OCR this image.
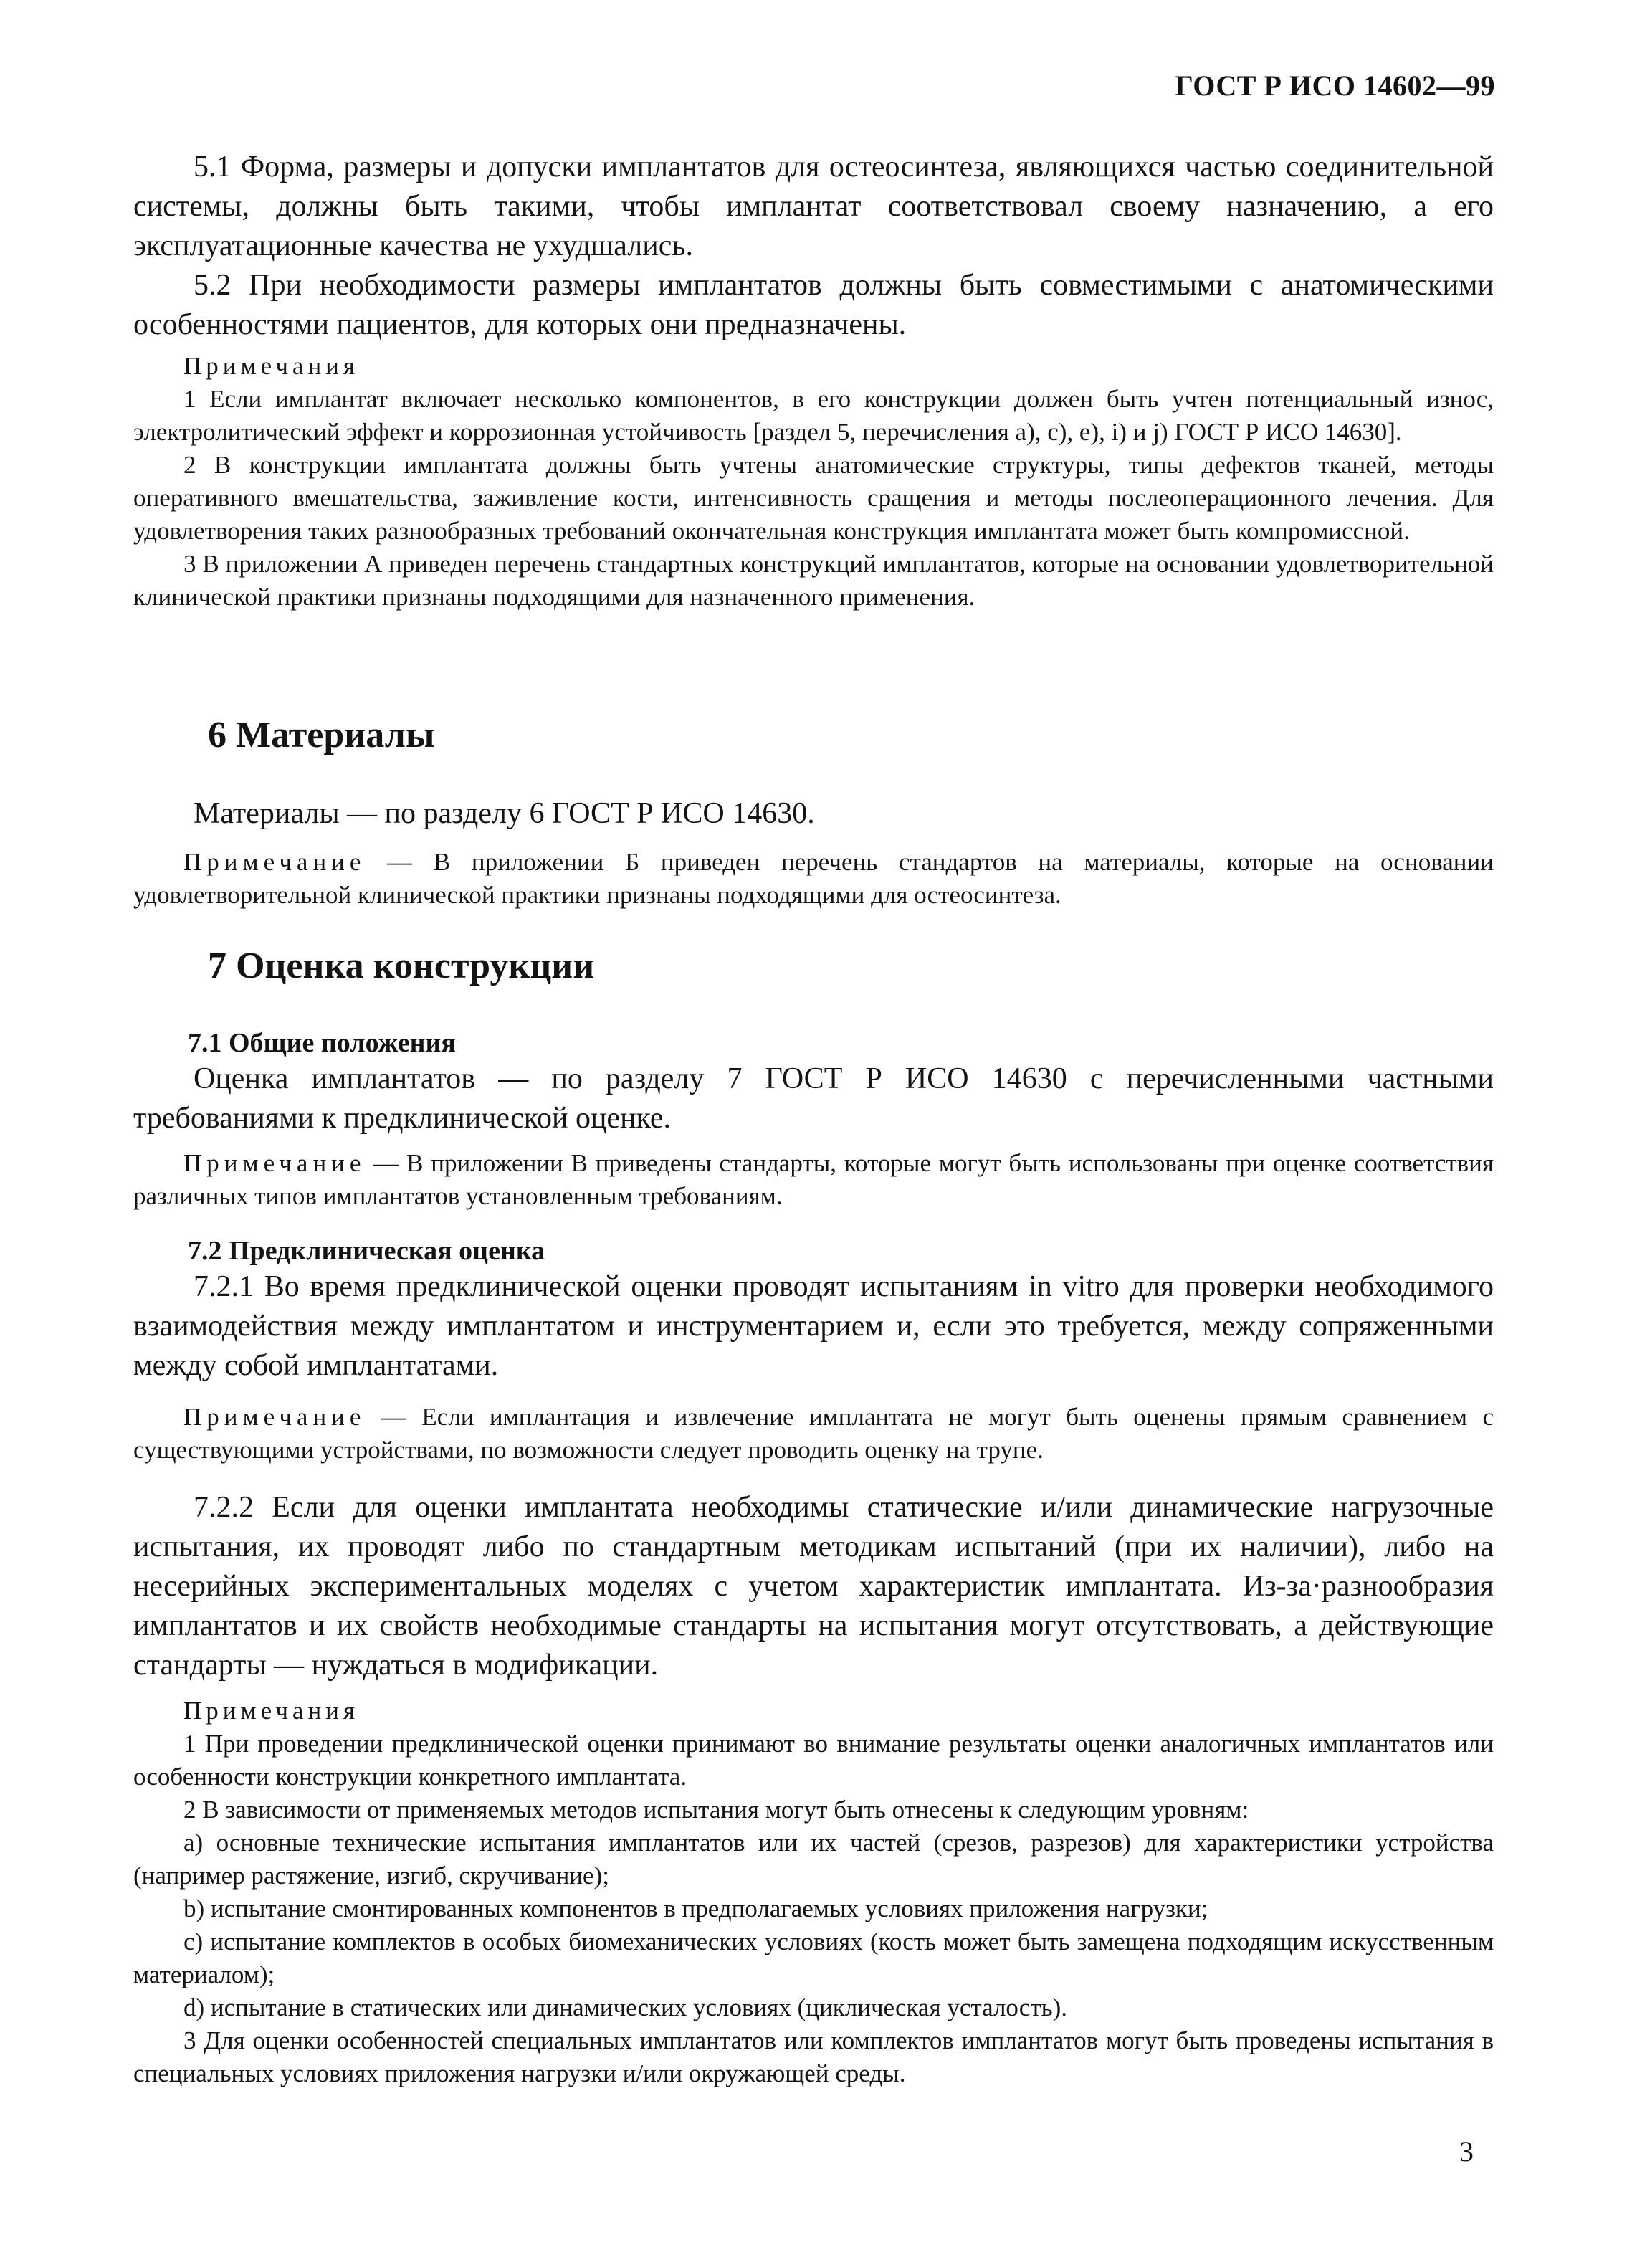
ГОСТ Р ИСО 14602—99

5.1 Форма, размеры и допуски имплантатов для остеосинтеза, являющихся частью соединительной системы, должны быть такими, чтобы имплантат соответствовал своему назначению, а его эксплуатационные качества не ухудшались.

5.2 При необходимости размеры имплантатов должны быть совместимыми с анатомическими особенностями пациентов, для которых они предназначены.

Примечания

1 Если имплантат включает несколько компонентов, в его конструкции должен быть учтен потенциальный износ, электролитический эффект и коррозионная устойчивость [раздел 5, перечисления a), c), e), i) и j) ГОСТ Р ИСО 14630].

2 В конструкции имплантата должны быть учтены анатомические структуры, типы дефектов тканей, методы оперативного вмешательства, заживление кости, интенсивность сращения и методы послеоперационного лечения. Для удовлетворения таких разнообразных требований окончательная конструкция имплантата может быть компромиссной.

3 В приложении А приведен перечень стандартных конструкций имплантатов, которые на основании удовлетворительной клинической практики признаны подходящими для назначенного применения.

6 Материалы

Материалы — по разделу 6 ГОСТ Р ИСО 14630.

Примечание — В приложении Б приведен перечень стандартов на материалы, которые на основании удовлетворительной клинической практики признаны подходящими для остеосинтеза.

7 Оценка конструкции

7.1 Общие положения

Оценка имплантатов — по разделу 7 ГОСТ Р ИСО 14630 с перечисленными частными требованиями к предклинической оценке.

Примечание — В приложении В приведены стандарты, которые могут быть использованы при оценке соответствия различных типов имплантатов установленным требованиям.

7.2 Предклиническая оценка

7.2.1 Во время предклинической оценки проводят испытаниям in vitro для проверки необходимого взаимодействия между имплантатом и инструментарием и, если это требуется, между сопряженными между собой имплантатами.

Примечание — Если имплантация и извлечение имплантата не могут быть оценены прямым сравнением с существующими устройствами, по возможности следует проводить оценку на трупе.

7.2.2 Если для оценки имплантата необходимы статические и/или динамические нагрузочные испытания, их проводят либо по стандартным методикам испытаний (при их наличии), либо на несерийных экспериментальных моделях с учетом характеристик имплантата. Из-за·разнообразия имплантатов и их свойств необходимые стандарты на испытания могут отсутствовать, а действующие стандарты — нуждаться в модификации.

Примечания

1 При проведении предклинической оценки принимают во внимание результаты оценки аналогичных имплантатов или особенности конструкции конкретного имплантата.

2 В зависимости от применяемых методов испытания могут быть отнесены к следующим уровням:

а) основные технические испытания имплантатов или их частей (срезов, разрезов) для характеристики устройства (например растяжение, изгиб, скручивание);

b) испытание смонтированных компонентов в предполагаемых условиях приложения нагрузки;

c) испытание комплектов в особых биомеханических условиях (кость может быть замещена подходящим искусственным материалом);

d) испытание в статических или динамических условиях (циклическая усталость).

3 Для оценки особенностей специальных имплантатов или комплектов имплантатов могут быть проведены испытания в специальных условиях приложения нагрузки и/или окружающей среды.

3
